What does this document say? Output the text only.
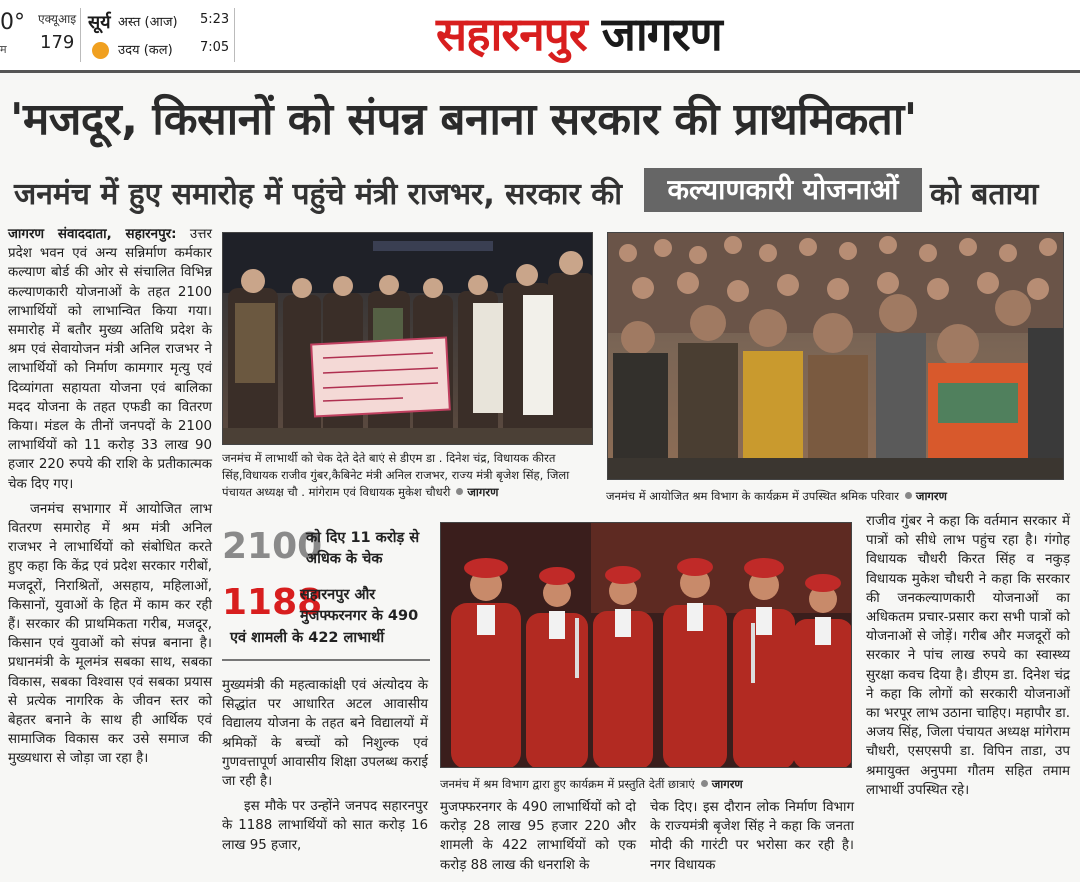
0°
म
एक्यूआइ
179
सूर्य अस्त (आज) 5:23
उदय (कल) 7:05	सहारनपुर जागरण
'मजदूर, किसानों को संपन्न बनाना सरकार की प्राथमिकता'
जनमंच में हुए समारोह में पहुंचे मंत्री राजभर, सरकार की	कल्याणकारी योजनाओं	को बताया

जागरण संवाददाता, सहारनपुर: उत्तर प्रदेश भवन एवं अन्य सन्निर्माण कर्मकार कल्याण बोर्ड की ओर से संचालित विभिन्न कल्याणकारी योजनाओं के तहत 2100 लाभार्थियों को लाभान्वित किया गया। समारोह में बतौर मुख्य अतिथि प्रदेश के श्रम एवं सेवायोजन मंत्री अनिल राजभर ने लाभार्थियों को निर्माण कामगार मृत्यु एवं दिव्यांगता सहायता योजना एवं बालिका मदद योजना के तहत एफडी का वितरण किया। मंडल के तीनों जनपदों के 2100 लाभार्थियों को 11 करोड़ 33 लाख 90 हजार 220 रुपये की राशि के प्रतीकात्मक चेक दिए गए।

जनमंच सभागार में आयोजित लाभ वितरण समारोह में श्रम मंत्री अनिल राजभर ने लाभार्थियों को संबोधित करते हुए कहा कि केंद्र एवं प्रदेश सरकार गरीबों, मजदूरों, निराश्रितों, असहाय, महिलाओं, किसानों, युवाओं के हित में काम कर रही हैं। सरकार की प्राथमिकता गरीब, मजदूर, किसान एवं युवाओं को संपन्न बनाना है। प्रधानमंत्री के मूलमंत्र सबका साथ, सबका विकास, सबका विश्वास एवं सबका प्रयास से प्रत्येक नागरिक के जीवन स्तर को बेहतर बनाने के साथ ही आर्थिक एवं सामाजिक विकास कर उसे समाज की मुख्यधारा से जोड़ा जा रहा है।

जनमंच में लाभार्थी को चेक देते देते बाएं से डीएम डा . दिनेश चंद्र, विधायक कीरत सिंह,विधायक राजीव गुंबर,कैबिनेट मंत्री अनिल राजभर, राज्य मंत्री बृजेश सिंह, जिला पंचायत अध्यक्ष चौ . मांगेराम एवं विधायक मुकेश चौधरी जागरण	जनमंच में आयोजित श्रम विभाग के कार्यक्रम में उपस्थित श्रमिक परिवार जागरण
2100
को दिए 11 करोड़ से अधिक के चेक
1188
सहारनपुर और मुजफ्फरनगर के 490
एवं शामली के 422 लाभार्थी

मुख्यमंत्री की महत्वाकांक्षी एवं अंत्योदय के सिद्धांत पर आधारित अटल आवासीय विद्यालय योजना के तहत बने विद्यालयों में श्रमिकों के बच्चों को निशुल्क एवं गुणवत्तापूर्ण आवासीय शिक्षा उपलब्ध कराई जा रही है।

इस मौके पर उन्होंने जनपद सहारनपुर के 1188 लाभार्थियों को सात करोड़ 16 लाख 95 हजार,

जनमंच में श्रम विभाग द्वारा हुए कार्यक्रम में प्रस्तुति देतीं छात्राएं जागरण
मुजफ्फरनगर के 490 लाभार्थियों को दो करोड़ 28 लाख 95 हजार 220 और शामली के 422 लाभार्थियों को एक करोड़ 88 लाख की धनराशि के
चेक दिए। इस दौरान लोक निर्माण विभाग के राज्यमंत्री बृजेश सिंह ने कहा कि जनता मोदी की गारंटी पर भरोसा कर रही है। नगर विधायक
राजीव गुंबर ने कहा कि वर्तमान सरकार में पात्रों को सीधे लाभ पहुंच रहा है। गंगोह विधायक चौधरी किरत सिंह व नकुड़ विधायक मुकेश चौधरी ने कहा कि सरकार की जनकल्याणकारी योजनाओं का अधिकतम प्रचार-प्रसार करा सभी पात्रों को योजनाओं से जोड़ें। गरीब और मजदूरों को सरकार ने पांच लाख रुपये का स्वास्थ्य सुरक्षा कवच दिया है। डीएम डा. दिनेश चंद्र ने कहा कि लोगों को सरकारी योजनाओं का भरपूर लाभ उठाना चाहिए। महापौर डा. अजय सिंह, जिला पंचायत अध्यक्ष मांगेराम चौधरी, एसएसपी डा. विपिन ताडा, उप श्रमायुक्त अनुपमा गौतम सहित तमाम लाभार्थी उपस्थित रहे।
